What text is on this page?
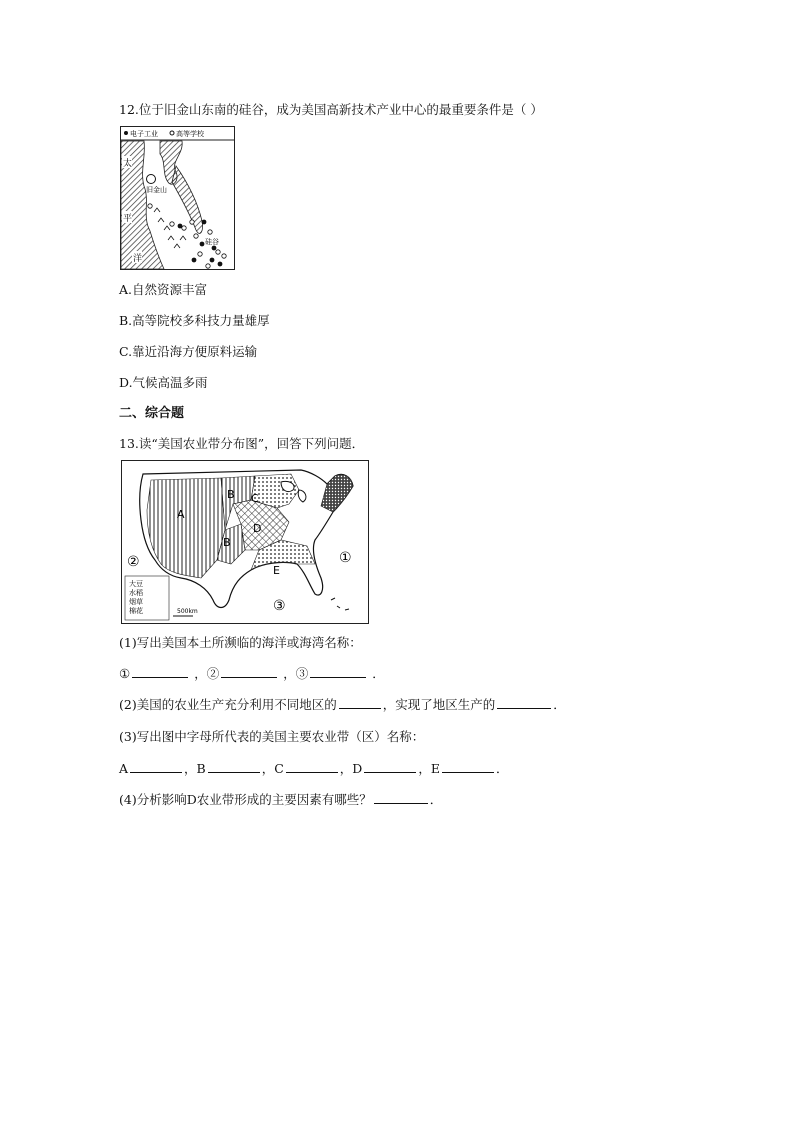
12.位于旧金山东南的硅谷，成为美国高新技术产业中心的最重要条件是（ ）
电子工业	高等学校
太
平
洋
旧金山
硅谷
A.自然资源丰富
B.高等院校多科技力量雄厚
C.靠近沿海方便原料运输
D.气候高温多雨
二、综合题
13.读“美国农业带分布图”，回答下列问题．
A
B
B
C
D
E
①
②
③
大豆
水稻
烟草
棉花	500km
(1)写出美国本土所濒临的海洋或海湾名称：
①	，②	，③	．
(2)美国的农业生产充分利用不同地区的	，实现了地区生产的	．
(3)写出图中字母所代表的美国主要农业带（区）名称：
A	，B	，C	，D	，E	．
(4)分析影响D农业带形成的主要因素有哪些？	．
